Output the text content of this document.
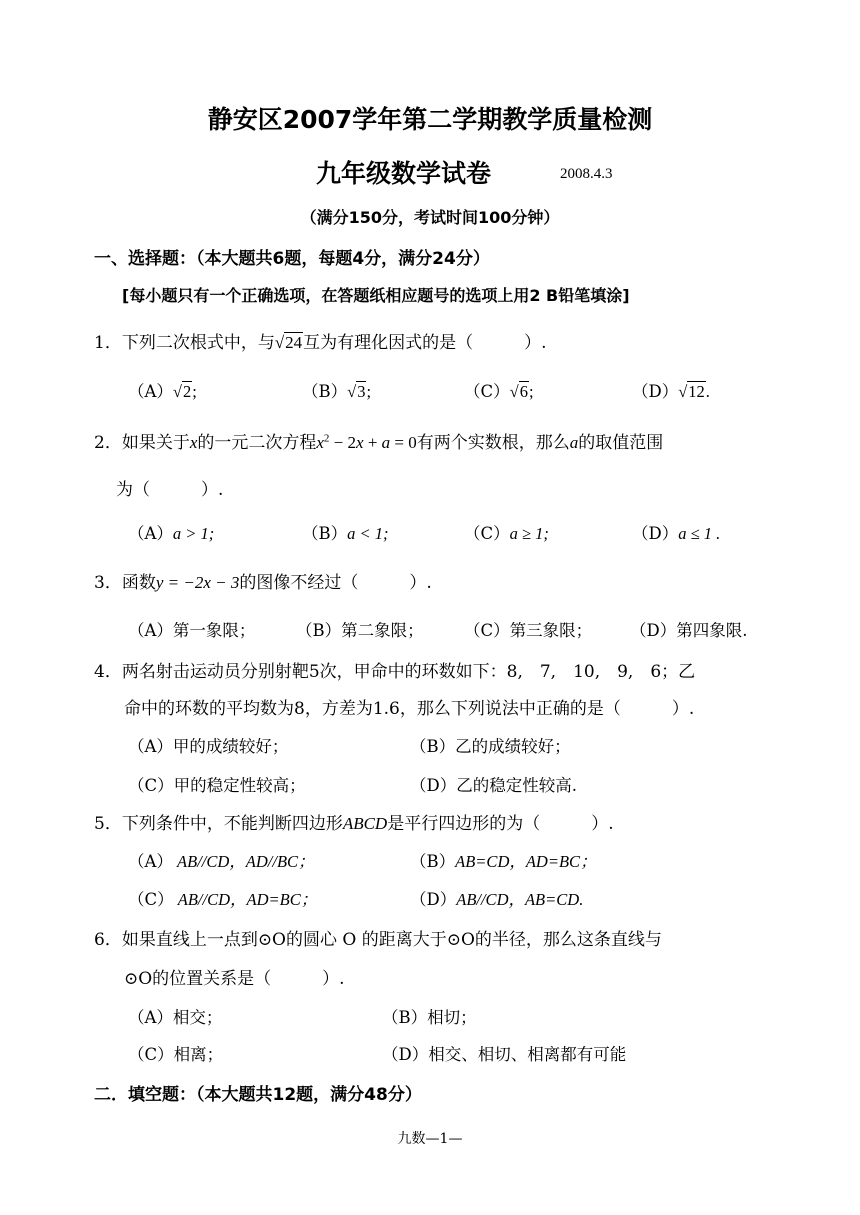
静安区2007学年第二学期教学质量检测
九年级数学试卷	2008.4.3
（满分150分，考试时间100分钟）
一、选择题：（本大题共6题，每题4分，满分24分）
[每小题只有一个正确选项，在答题纸相应题号的选项上用2 B铅笔填涂]
1．下列二次根式中，与√24互为有理化因式的是（　　　）.
（A）√2;	（B）√3;	（C）√6;	（D）√12.
2．如果关于x的一元二次方程$x^2 - 2x + a = 0$有两个实数根，那么a的取值范围
为（　　　）.
（A）a > 1;	（B）a < 1;	（C）a ≥ 1;	（D）a ≤ 1 .
3．函数y = −2x − 3的图像不经过（　　　）.
（A）第一象限； （B）第二象限； （C）第三象限； （D）第四象限.
4．两名射击运动员分别射靶5次，甲命中的环数如下：8,　7,　10,　9,　6；乙
命中的环数的平均数为8，方差为1.6，那么下列说法中正确的是（　　　）.
（A）甲的成绩较好；	（B）乙的成绩较好；
（C）甲的稳定性较高；	（D）乙的稳定性较高.
5．下列条件中，不能判断四边形ABCD是平行四边形的为（　　　）.
（A） AB//CD，AD//BC；	（B）AB=CD，AD=BC；
（C） AB//CD，AD=BC；	（D）AB//CD，AB=CD.
6．如果直线上一点到⊙O的圆心 O 的距离大于⊙O的半径，那么这条直线与
⊙O的位置关系是（　　　）.
（A）相交；	（B）相切；
（C）相离；	（D）相交、相切、相离都有可能
二．填空题：（本大题共12题，满分48分）
九数—1—
